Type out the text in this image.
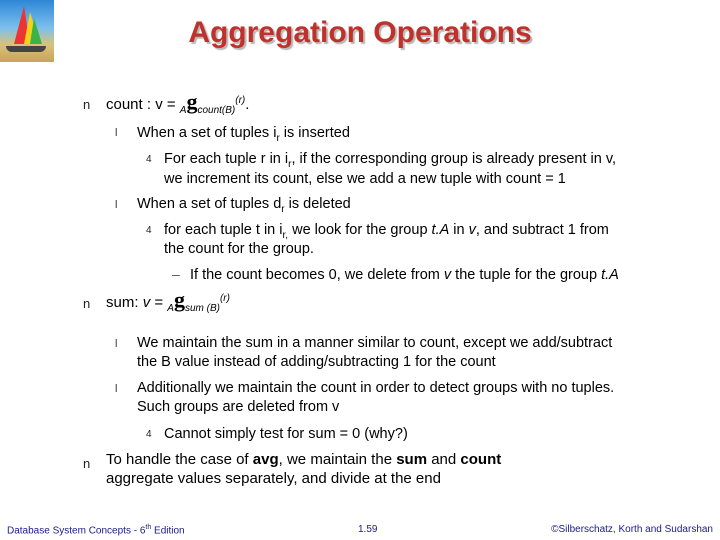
Aggregation Operations
n count : $v = _Ag_{count(B)}^{(r)}$.
l When a set of tuples $i_r$ is inserted
4 For each tuple r in $i_r$, if the corresponding group is already present in v,
we increment its count, else we add a new tuple with count = 1
l When a set of tuples $d_r$ is deleted
4 for each tuple t in $i_{r,}$ we look for the group t.A in v, and subtract 1 from
the count for the group.
– If the count becomes 0, we delete from v the tuple for the group t.A
n sum: $v = _Ag_{sum (B)}^{(r)}$
l We maintain the sum in a manner similar to count, except we add/subtract
the B value instead of adding/subtracting 1 for the count
l Additionally we maintain the count in order to detect groups with no tuples.
Such groups are deleted from v
4 Cannot simply test for sum = 0 (why?)
n To handle the case of avg, we maintain the sum and count
aggregate values separately, and divide at the end
Database System Concepts - 6th Edition	1.59	©Silberschatz, Korth and Sudarshan
